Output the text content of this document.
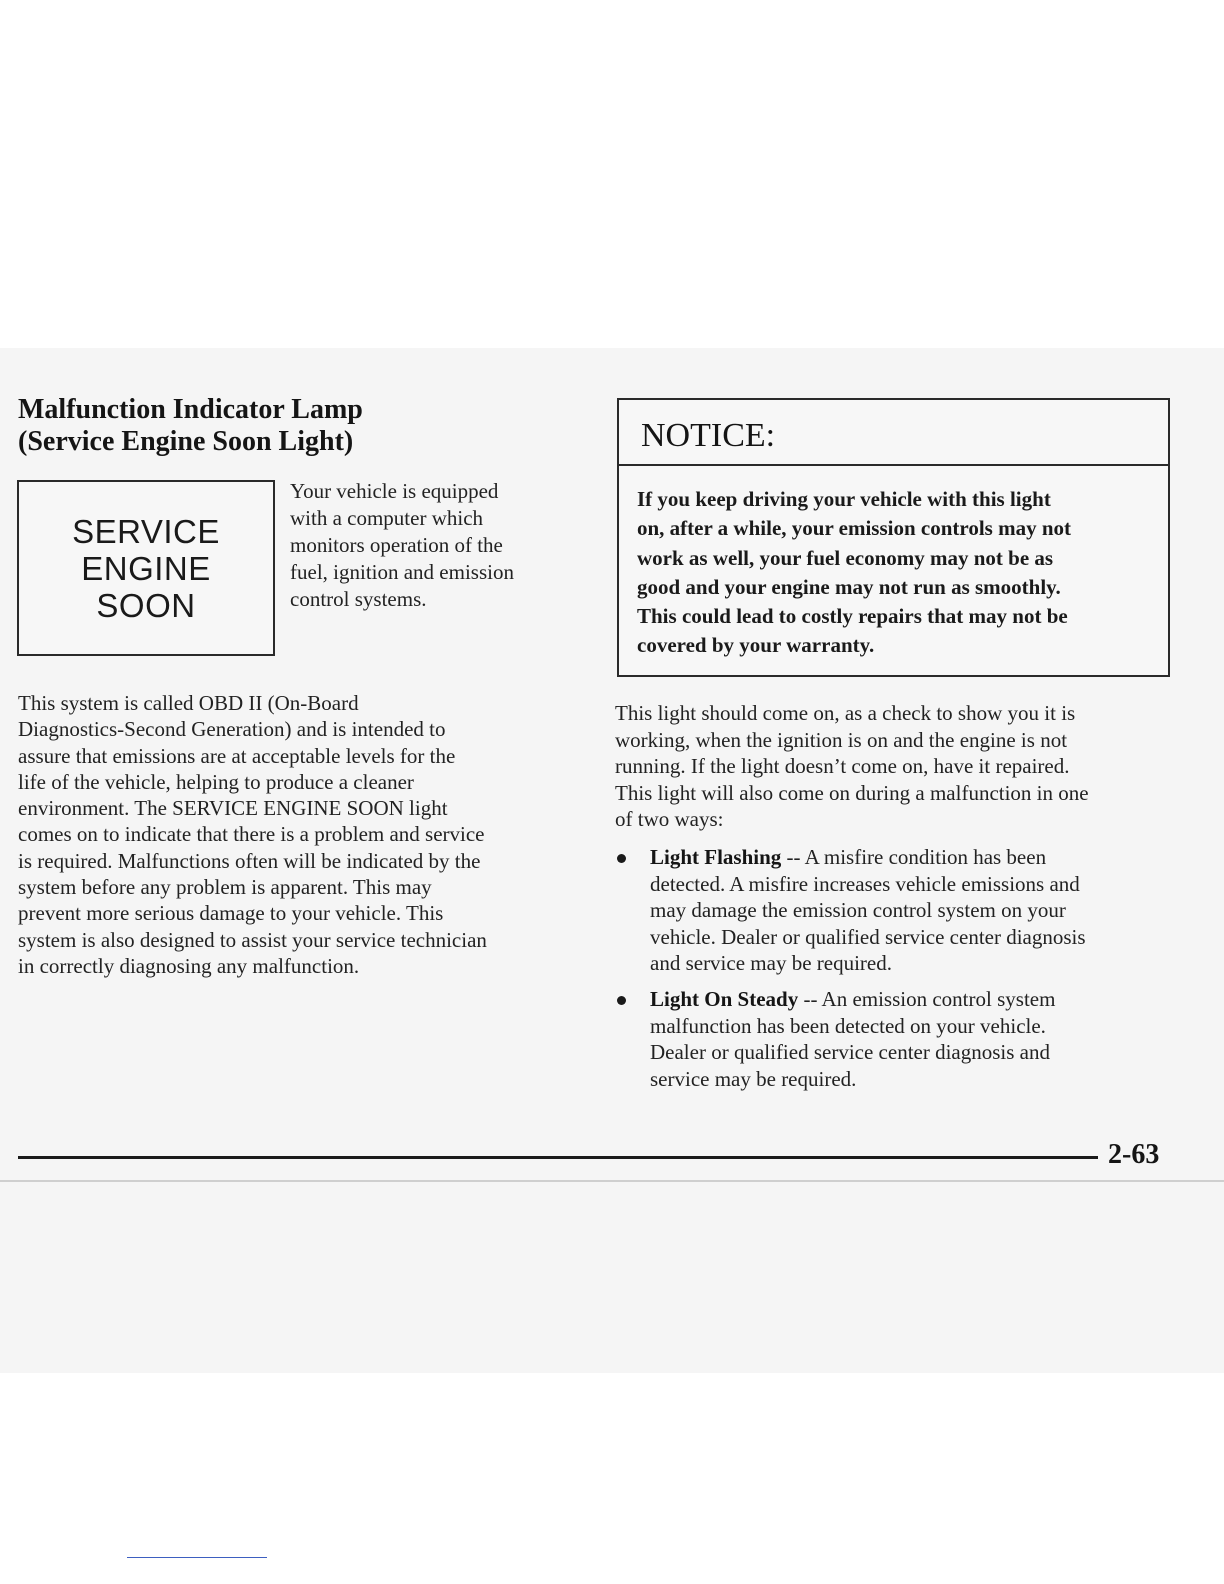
Malfunction Indicator Lamp
(Service Engine Soon Light)
SERVICE
ENGINE
SOON
Your vehicle is equipped
with a computer which
monitors operation of the
fuel, ignition and emission
control systems.
This system is called OBD II (On-Board
Diagnostics-Second Generation) and is intended to
assure that emissions are at acceptable levels for the
life of the vehicle, helping to produce a cleaner
environment. The SERVICE ENGINE SOON light
comes on to indicate that there is a problem and service
is required. Malfunctions often will be indicated by the
system before any problem is apparent. This may
prevent more serious damage to your vehicle. This
system is also designed to assist your service technician
in correctly diagnosing any malfunction.
NOTICE:
If you keep driving your vehicle with this light
on, after a while, your emission controls may not
work as well, your fuel economy may not be as
good and your engine may not run as smoothly.
This could lead to costly repairs that may not be
covered by your warranty.
This light should come on, as a check to show you it is
working, when the ignition is on and the engine is not
running. If the light doesn’t come on, have it repaired.
This light will also come on during a malfunction in one
of two ways:
Light Flashing -- A misfire condition has been
detected. A misfire increases vehicle emissions and
may damage the emission control system on your
vehicle. Dealer or qualified service center diagnosis
and service may be required.
Light On Steady -- An emission control system
malfunction has been detected on your vehicle.
Dealer or qualified service center diagnosis and
service may be required.
2-63
